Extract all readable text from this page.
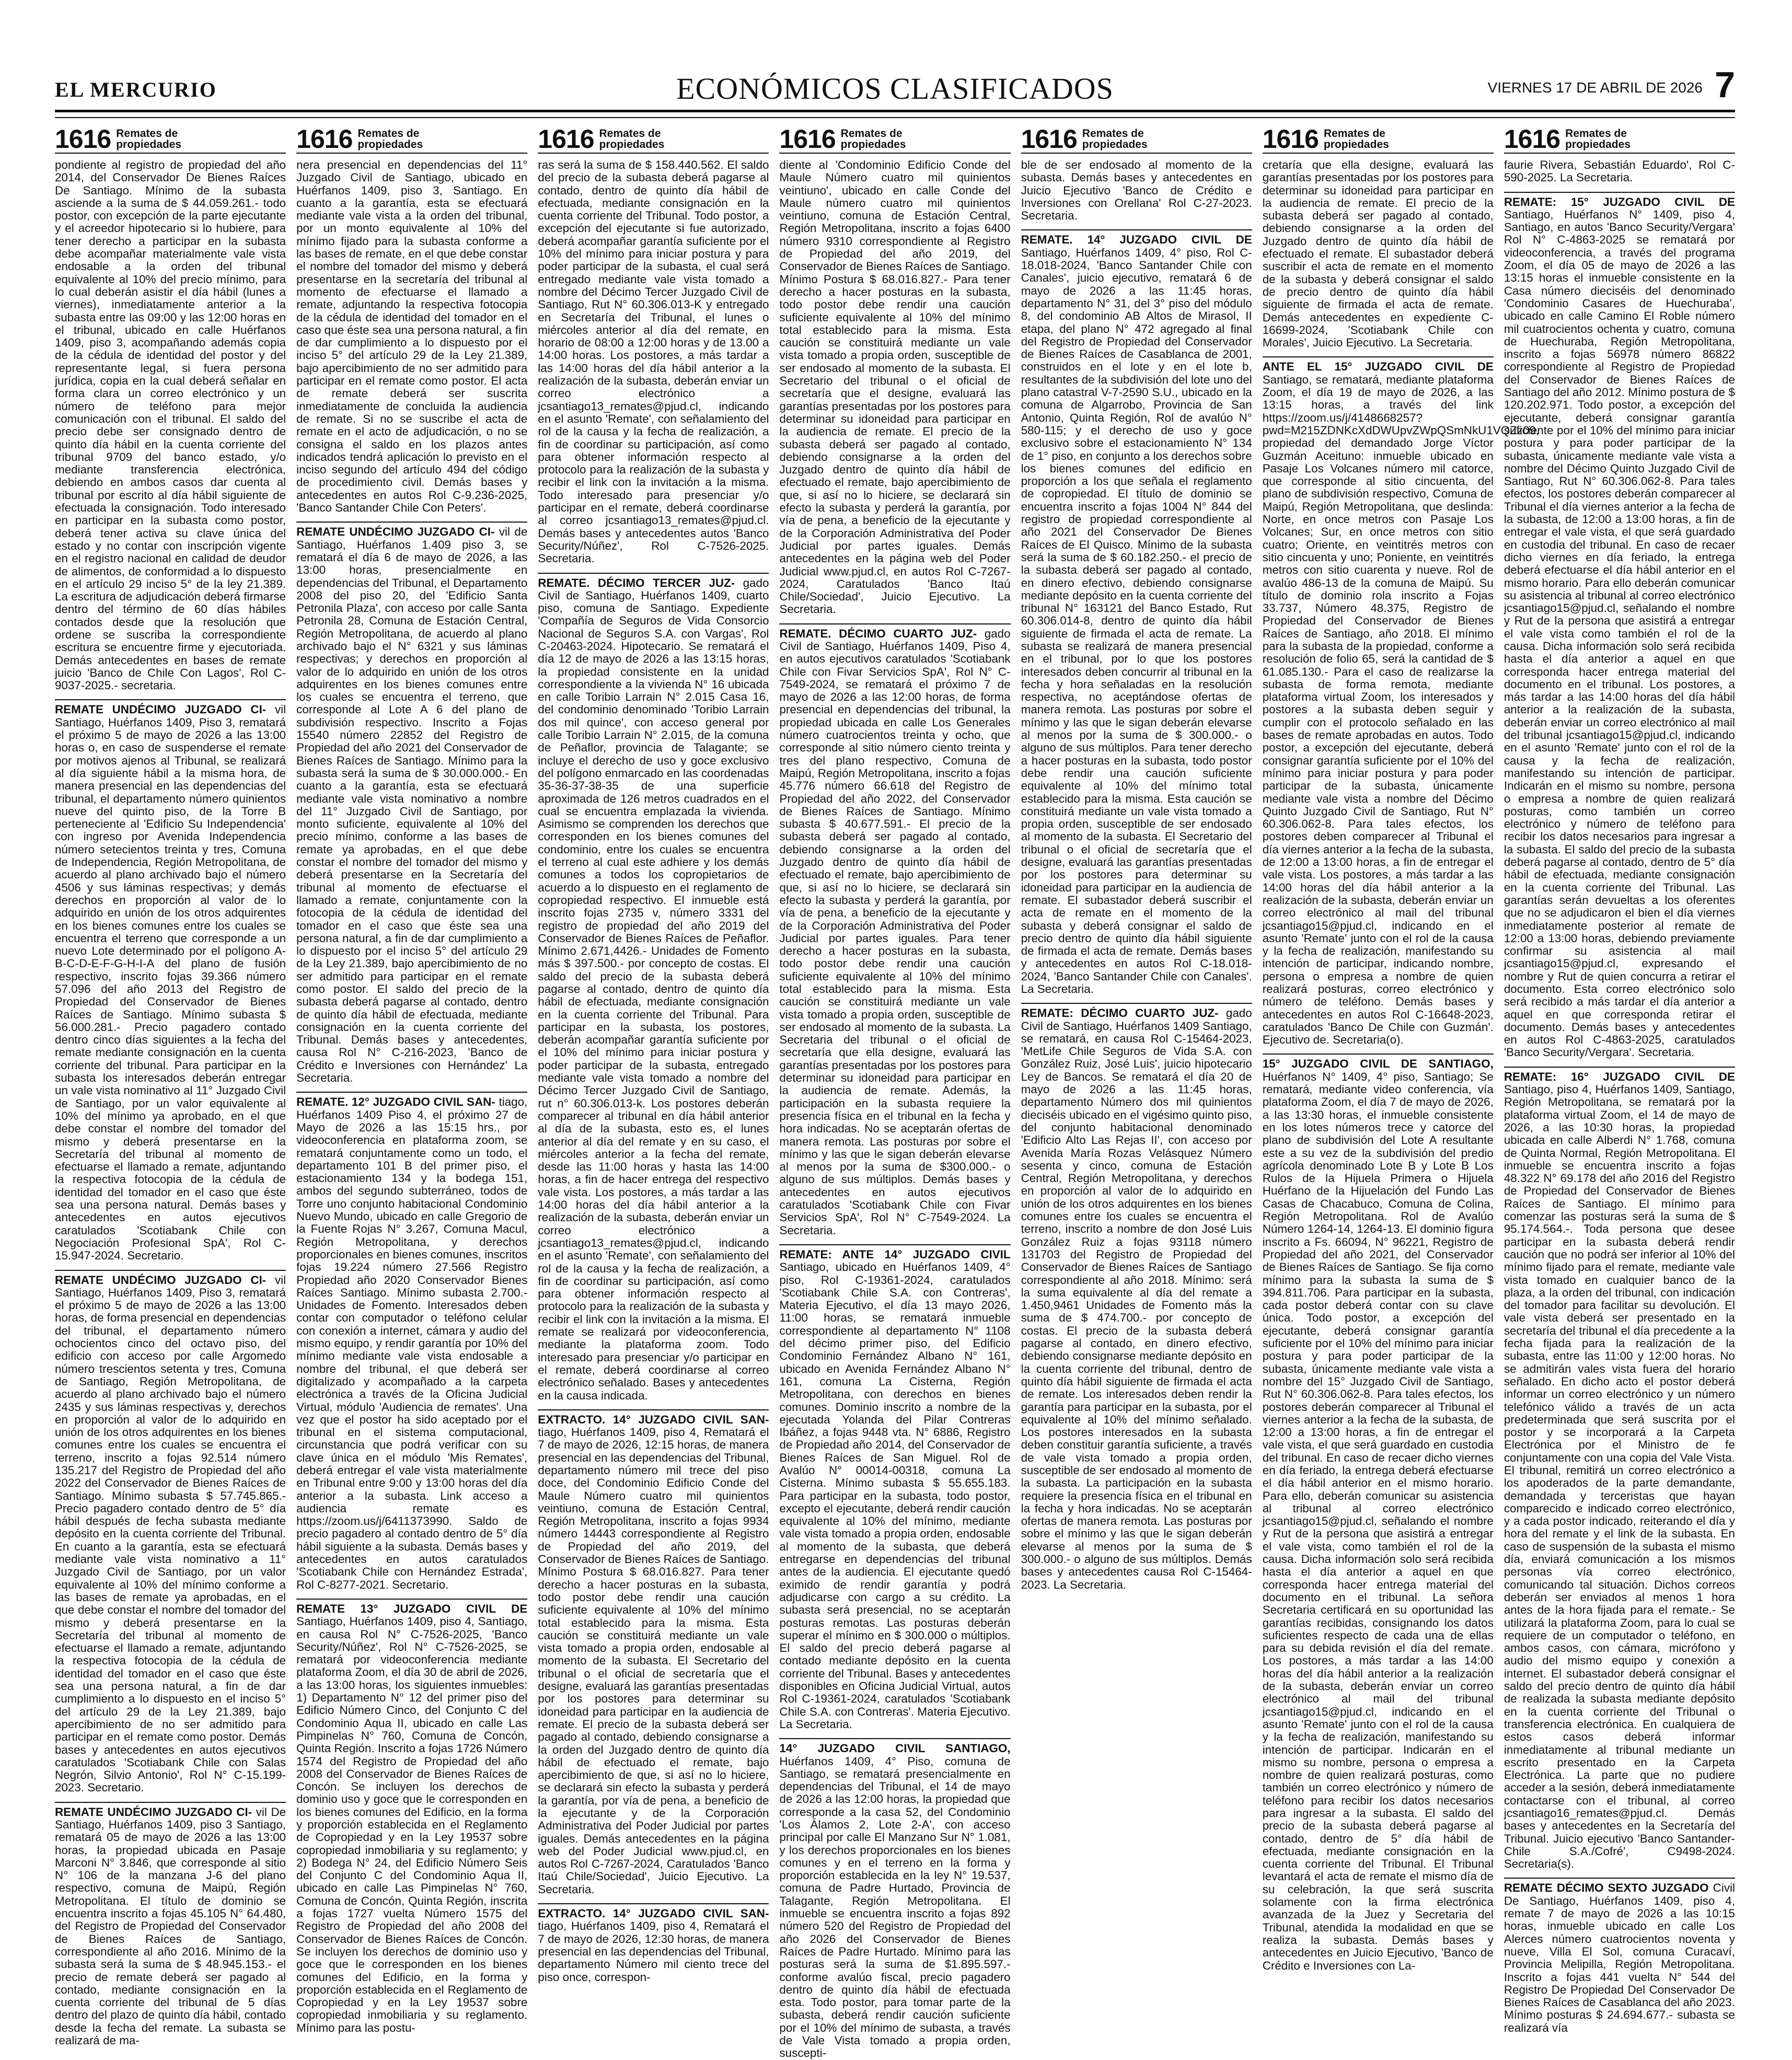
EL MERCURIO	ECONÓMICOS CLASIFICADOS	VIERNES 17 DE ABRIL DE 2026 7
1616 Remates de propiedades

pondiente al registro de propiedad del año 2014, del Conservador De Bienes Raíces De Santiago. Mínimo de la subasta asciende a la suma de $ 44.059.261.- todo postor, con excepción de la parte ejecutante y el acreedor hipotecario si lo hubiere, para tener derecho a participar en la subasta debe acompañar materialmente vale vista endosable a la orden del tribunal equivalente al 10% del precio mínimo, para lo cual deberán asistir el día hábil (lunes a viernes), inmediatamente anterior a la subasta entre las 09:00 y las 12:00 horas en el tribunal, ubicado en calle Huérfanos 1409, piso 3, acompañando además copia de la cédula de identidad del postor y del representante legal, si fuera persona jurídica, copia en la cual deberá señalar en forma clara un correo electrónico y un número de teléfono para mejor comunicación con el tribunal. El saldo del precio debe ser consignado dentro de quinto día hábil en la cuenta corriente del tribunal 9709 del banco estado, y/o mediante transferencia electrónica, debiendo en ambos casos dar cuenta al tribunal por escrito al día hábil siguiente de efectuada la consignación. Todo interesado en participar en la subasta como postor, deberá tener activa su clave única del estado y no contar con inscripción vigente en el registro nacional en calidad de deudor de alimentos, de conformidad a lo dispuesto en el artículo 29 inciso 5° de la ley 21.389. La escritura de adjudicación deberá firmarse dentro del término de 60 días hábiles contados desde que la resolución que ordene se suscriba la correspondiente escritura se encuentre firme y ejecutoriada. Demás antecedentes en bases de remate juicio 'Banco de Chile Con Lagos', Rol C-9037-2025.- secretaria.

REMATE UNDÉCIMO JUZGADO CI- vil Santiago, Huérfanos 1409, Piso 3, rematará el próximo 5 de mayo de 2026 a las 13:00 horas o, en caso de suspenderse el remate por motivos ajenos al Tribunal, se realizará al día siguiente hábil a la misma hora, de manera presencial en las dependencias del tribunal, el departamento número quinientos nueve del quinto piso, de la Torre B perteneciente al 'Edificio Su Independencia' con ingreso por Avenida Independencia número setecientos treinta y tres, Comuna de Independencia, Región Metropolitana, de acuerdo al plano archivado bajo el número 4506 y sus láminas respectivas; y demás derechos en proporción al valor de lo adquirido en unión de los otros adquirentes en los bienes comunes entre los cuales se encuentra el terreno que corresponde a un nuevo Lote determinado por el polígono A-B-C-D-E-F-G-H-I-A del plano de fusión respectivo, inscrito fojas 39.366 número 57.096 del año 2013 del Registro de Propiedad del Conservador de Bienes Raíces de Santiago. Mínimo subasta $ 56.000.281.- Precio pagadero contado dentro cinco días siguientes a la fecha del remate mediante consignación en la cuenta corriente del tribunal. Para participar en la subasta los interesados deberán entregar un vale vista nominativo al 11° Juzgado Civil de Santiago, por un valor equivalente al 10% del mínimo ya aprobado, en el que debe constar el nombre del tomador del mismo y deberá presentarse en la Secretaría del tribunal al momento de efectuarse el llamado a remate, adjuntando la respectiva fotocopia de la cédula de identidad del tomador en el caso que éste sea una persona natural. Demás bases y antecedentes en autos ejecutivos caratulados 'Scotiabank Chile con Negociación Profesional SpA', Rol C-15.947-2024. Secretario.

REMATE UNDÉCIMO JUZGADO CI- vil Santiago, Huérfanos 1409, Piso 3, rematará el próximo 5 de mayo de 2026 a las 13:00 horas, de forma presencial en dependencias del tribunal, el departamento número ochocientos cinco del octavo piso, del edificio con acceso por calle Argomedo número trescientos setenta y tres, Comuna de Santiago, Región Metropolitana, de acuerdo al plano archivado bajo el número 2435 y sus láminas respectivas y, derechos en proporción al valor de lo adquirido en unión de los otros adquirentes en los bienes comunes entre los cuales se encuentra el terreno, inscrito a fojas 92.514 número 135.217 del Registro de Propiedad del año 2022 del Conservador de Bienes Raíces de Santiago. Mínimo subasta $ 57.745.865.- Precio pagadero contado dentro de 5° día hábil después de fecha subasta mediante depósito en la cuenta corriente del Tribunal. En cuanto a la garantía, esta se efectuará mediante vale vista nominativo a 11° Juzgado Civil de Santiago, por un valor equivalente al 10% del mínimo conforme a las bases de remate ya aprobadas, en el que debe constar el nombre del tomador del mismo y deberá presentarse en la Secretaría del tribunal al momento de efectuarse el llamado a remate, adjuntando la respectiva fotocopia de la cédula de identidad del tomador en el caso que éste sea una persona natural, a fin de dar cumplimiento a lo dispuesto en el inciso 5° del artículo 29 de la Ley 21.389, bajo apercibimiento de no ser admitido para participar en el remate como postor. Demás bases y antecedentes en autos ejecutivos caratulados 'Scotiabank Chile con Salas Negrón, Silvio Antonio', Rol N° C-15.199-2023. Secretario.

REMATE UNDÉCIMO JUZGADO CI- vil De Santiago, Huérfanos 1409, piso 3 Santiago, rematará 05 de mayo de 2026 a las 13:00 horas, la propiedad ubicada en Pasaje Marconi N° 3.846, que corresponde al sitio N° 106 de la manzana J-6 del plano respectivo, comuna de Maipú, Región Metropolitana. El título de dominio se encuentra inscrito a fojas 45.105 N° 64.480, del Registro de Propiedad del Conservador de Bienes Raíces de Santiago, correspondiente al año 2016. Mínimo de la subasta será la suma de $ 48.945.153.- el precio de remate deberá ser pagado al contado, mediante consignación en la cuenta corriente del tribunal de 5 días dentro del plazo de quinto día hábil, contado desde la fecha del remate. La subasta se realizará de ma-

1616 Remates de propiedades

nera presencial en dependencias del 11° Juzgado Civil de Santiago, ubicado en Huérfanos 1409, piso 3, Santiago. En cuanto a la garantía, esta se efectuará mediante vale vista a la orden del tribunal, por un monto equivalente al 10% del mínimo fijado para la subasta conforme a las bases de remate, en el que debe constar el nombre del tomador del mismo y deberá presentarse en la secretaría del tribunal al momento de efectuarse el llamado a remate, adjuntando la respectiva fotocopia de la cédula de identidad del tomador en el caso que éste sea una persona natural, a fin de dar cumplimiento a lo dispuesto por el inciso 5° del artículo 29 de la Ley 21.389, bajo apercibimiento de no ser admitido para participar en el remate como postor. El acta de remate deberá ser suscrita inmediatamente de concluida la audiencia de remate. Si no se suscribe el acta de remate en el acto de adjudicación, o no se consigna el saldo en los plazos antes indicados tendrá aplicación lo previsto en el inciso segundo del artículo 494 del código de procedimiento civil. Demás bases y antecedentes en autos Rol C-9.236-2025, 'Banco Santander Chile Con Peters'.

REMATE UNDÉCIMO JUZGADO CI- vil de Santiago, Huérfanos 1.409 piso 3, se rematará el día 6 de mayo de 2026, a las 13:00 horas, presencialmente en dependencias del Tribunal, el Departamento 2008 del piso 20, del 'Edificio Santa Petronila Plaza', con acceso por calle Santa Petronila 28, Comuna de Estación Central, Región Metropolitana, de acuerdo al plano archivado bajo el N° 6321 y sus láminas respectivas; y derechos en proporción al valor de lo adquirido en unión de los otros adquirentes en los bienes comunes entre los cuales se encuentra el terreno, que corresponde al Lote A 6 del plano de subdivisión respectivo. Inscrito a Fojas 15540 número 22852 del Registro de Propiedad del año 2021 del Conservador de Bienes Raíces de Santiago. Mínimo para la subasta será la suma de $ 30.000.000.- En cuanto a la garantía, esta se efectuará mediante vale vista nominativo a nombre del 11° Juzgado Civil de Santiago, por monto suficiente, equivalente al 10% del precio mínimo, conforme a las bases de remate ya aprobadas, en el que debe constar el nombre del tomador del mismo y deberá presentarse en la Secretaría del tribunal al momento de efectuarse el llamado a remate, conjuntamente con la fotocopia de la cédula de identidad del tomador en el caso que éste sea una persona natural, a fin de dar cumplimiento a lo dispuesto por el inciso 5° del artículo 29 de la Ley 21.389, bajo apercibimiento de no ser admitido para participar en el remate como postor. El saldo del precio de la subasta deberá pagarse al contado, dentro de quinto día hábil de efectuada, mediante consignación en la cuenta corriente del Tribunal. Demás bases y antecedentes, causa Rol N° C-216-2023, 'Banco de Crédito e Inversiones con Hernández' La Secretaria.

REMATE. 12° JUZGADO CIVIL SAN- tiago, Huérfanos 1409 Piso 4, el próximo 27 de Mayo de 2026 a las 15:15 hrs., por videoconferencia en plataforma zoom, se rematará conjuntamente como un todo, el departamento 101 B del primer piso, el estacionamiento 134 y la bodega 151, ambos del segundo subterráneo, todos de Torre uno conjunto habitacional Condominio Nuevo Mundo, ubicado en calle Gregorio de la Fuente Rojas N° 3.267, Comuna Macul, Región Metropolitana, y derechos proporcionales en bienes comunes, inscritos fojas 19.224 número 27.566 Registro Propiedad año 2020 Conservador Bienes Raíces Santiago. Mínimo subasta 2.700.- Unidades de Fomento. Interesados deben contar con computador o teléfono celular con conexión a internet, cámara y audio del mismo equipo, y rendir garantía por 10% del mínimo mediante vale vista endosable a nombre del tribunal, el que deberá ser digitalizado y acompañado a la carpeta electrónica a través de la Oficina Judicial Virtual, módulo 'Audiencia de remates'. Una vez que el postor ha sido aceptado por el tribunal en el sistema computacional, circunstancia que podrá verificar con su clave única en el módulo 'Mis Remates', deberá entregar el vale vista materialmente en Tribunal entre 9:00 y 13:00 horas del día anterior a la subasta. Link acceso a audiencia remate es https://zoom.us/j/6411373990. Saldo de precio pagadero al contado dentro de 5° día hábil siguiente a la subasta. Demás bases y antecedentes en autos caratulados 'Scotiabank Chile con Hernández Estrada', Rol C-8277-2021. Secretario.

REMATE 13° JUZGADO CIVIL DE Santiago, Huérfanos 1409, piso 4, Santiago, en causa Rol N° C-7526-2025, 'Banco Security/Núñez', Rol N° C-7526-2025, se rematará por videoconferencia mediante plataforma Zoom, el día 30 de abril de 2026, a las 13:00 horas, los siguientes inmuebles: 1) Departamento N° 12 del primer piso del Edificio Número Cinco, del Conjunto C del Condominio Aqua II, ubicado en calle Las Pimpinelas N° 760, Comuna de Concón, Quinta Región. Inscrito a fojas 1726 Número 1574 del Registro de Propiedad del año 2008 del Conservador de Bienes Raíces de Concón. Se incluyen los derechos de dominio uso y goce que le corresponden en los bienes comunes del Edificio, en la forma y proporción establecida en el Reglamento de Copropiedad y en la Ley 19537 sobre copropiedad inmobiliaria y su reglamento; y 2) Bodega N° 24, del Edificio Número Seis del Conjunto C del Condominio Aqua II, ubicado en calle Las Pimpinelas N° 760, Comuna de Concón, Quinta Región, inscrita a fojas 1727 vuelta Número 1575 del Registro de Propiedad del año 2008 del Conservador de Bienes Raíces de Concón. Se incluyen los derechos de dominio uso y goce que le corresponden en los bienes comunes del Edificio, en la forma y proporción establecida en el Reglamento de Copropiedad y en la Ley 19537 sobre copropiedad inmobiliaria y su reglamento. Mínimo para las postu-

1616 Remates de propiedades

ras será la suma de $ 158.440.562. El saldo del precio de la subasta deberá pagarse al contado, dentro de quinto día hábil de efectuada, mediante consignación en la cuenta corriente del Tribunal. Todo postor, a excepción del ejecutante si fue autorizado, deberá acompañar garantía suficiente por el 10% del mínimo para iniciar postura y para poder participar de la subasta, el cual será entregado mediante vale vista tomado a nombre del Décimo Tercer Juzgado Civil de Santiago, Rut N° 60.306.013-K y entregado en Secretaría del Tribunal, el lunes o miércoles anterior al día del remate, en horario de 08:00 a 12:00 horas y de 13.00 a 14:00 horas. Los postores, a más tardar a las 14:00 horas del día hábil anterior a la realización de la subasta, deberán enviar un correo electrónico a jcsantiago13_remates@pjud.cl, indicando en el asunto 'Remate', con señalamiento del rol de la causa y la fecha de realización, a fin de coordinar su participación, así como para obtener información respecto al protocolo para la realización de la subasta y recibir el link con la invitación a la misma. Todo interesado para presenciar y/o participar en el remate, deberá coordinarse al correo jcsantiago13_remates@pjud.cl. Demás bases y antecedentes autos 'Banco Security/Núñez', Rol C-7526-2025. Secretaria.

REMATE. DÉCIMO TERCER JUZ- gado Civil de Santiago, Huérfanos 1409, cuarto piso, comuna de Santiago. Expediente 'Compañía de Seguros de Vida Consorcio Nacional de Seguros S.A. con Vargas', Rol C-20463-2024. Hipotecario. Se rematará el día 12 de mayo de 2026 a las 13:15 horas, la propiedad consistente en la unidad correspondiente a la vivienda N° 16 ubicada en calle Toribio Larrain N° 2.015 Casa 16, del condominio denominado 'Toribio Larrain dos mil quince', con acceso general por calle Toribio Larrain N° 2.015, de la comuna de Peñaflor, provincia de Talagante; se incluye el derecho de uso y goce exclusivo del polígono enmarcado en las coordenadas 35-36-37-38-35 de una superficie aproximada de 126 metros cuadrados en el cual se encuentra emplazada la vivienda. Asimismo se comprenden los derechos que corresponden en los bienes comunes del condominio, entre los cuales se encuentra el terreno al cual este adhiere y los demás comunes a todos los copropietarios de acuerdo a lo dispuesto en el reglamento de copropiedad respectivo. El inmueble está inscrito fojas 2735 v, número 3331 del registro de propiedad del año 2019 del Conservador de Bienes Raíces de Peñaflor. Mínimo 2.671,4426.- Unidades de Fomento más $ 397.500.- por concepto de costas. El saldo del precio de la subasta deberá pagarse al contado, dentro de quinto día hábil de efectuada, mediante consignación en la cuenta corriente del Tribunal. Para participar en la subasta, los postores, deberán acompañar garantía suficiente por el 10% del mínimo para iniciar postura y poder participar de la subasta, entregado mediante vale vista tomado a nombre del Décimo Tercer Juzgado Civil de Santiago, rut n° 60.306.013-k. Los postores deberán comparecer al tribunal en día hábil anterior al día de la subasta, esto es, el lunes anterior al día del remate y en su caso, el miércoles anterior a la fecha del remate, desde las 11:00 horas y hasta las 14:00 horas, a fin de hacer entrega del respectivo vale vista. Los postores, a más tardar a las 14:00 horas del día hábil anterior a la realización de la subasta, deberán enviar un correo electrónico a jcsantiago13_remates@pjud.cl, indicando en el asunto 'Remate', con señalamiento del rol de la causa y la fecha de realización, a fin de coordinar su participación, así como para obtener información respecto al protocolo para la realización de la subasta y recibir el link con la invitación a la misma. El remate se realizará por videoconferencia, mediante la plataforma zoom. Todo interesado para presenciar y/o participar en el remate, deberá coordinarse al correo electrónico señalado. Bases y antecedentes en la causa indicada.

EXTRACTO. 14° JUZGADO CIVIL SAN- tiago, Huérfanos 1409, piso 4, Rematará el 7 de mayo de 2026, 12:15 horas, de manera presencial en las dependencias del Tribunal, departamento número mil trece del piso doce, del Condominio Edificio Conde del Maule Número cuatro mil quinientos veintiuno, comuna de Estación Central, Región Metropolitana, inscrito a fojas 9934 número 14443 correspondiente al Registro de Propiedad del año 2019, del Conservador de Bienes Raíces de Santiago. Mínimo Postura $ 68.016.827. Para tener derecho a hacer posturas en la subasta, todo postor debe rendir una caución suficiente equivalente al 10% del mínimo total establecido para la misma. Esta caución se constituirá mediante un vale vista tomado a propia orden, endosable al momento de la subasta. El Secretario del tribunal o el oficial de secretaría que el designe, evaluará las garantías presentadas por los postores para determinar su idoneidad para participar en la audiencia de remate. El precio de la subasta deberá ser pagado al contado, debiendo consignarse a la orden del Juzgado dentro de quinto día hábil de efectuado el remate, bajo apercibimiento de que, si así no lo hiciere, se declarará sin efecto la subasta y perderá la garantía, por vía de pena, a beneficio de la ejecutante y de la Corporación Administrativa del Poder Judicial por partes iguales. Demás antecedentes en la página web del Poder Judicial www.pjud.cl, en autos Rol C-7267-2024, Caratulados 'Banco Itaú Chile/Sociedad', Juicio Ejecutivo. La Secretaria.

EXTRACTO. 14° JUZGADO CIVIL SAN- tiago, Huérfanos 1409, piso 4, Rematará el 7 de mayo de 2026, 12:30 horas, de manera presencial en las dependencias del Tribunal, departamento Número mil ciento trece del piso once, correspon-

1616 Remates de propiedades

diente al 'Condominio Edificio Conde del Maule Número cuatro mil quinientos veintiuno', ubicado en calle Conde del Maule número cuatro mil quinientos veintiuno, comuna de Estación Central, Región Metropolitana, inscrito a fojas 6400 número 9310 correspondiente al Registro de Propiedad del año 2019, del Conservador de Bienes Raíces de Santiago. Mínimo Postura $ 68.016.827.- Para tener derecho a hacer posturas en la subasta, todo postor debe rendir una caución suficiente equivalente al 10% del mínimo total establecido para la misma. Esta caución se constituirá mediante un vale vista tomado a propia orden, susceptible de ser endosado al momento de la subasta. El Secretario del tribunal o el oficial de secretaría que el designe, evaluará las garantías presentadas por los postores para determinar su idoneidad para participar en la audiencia de remate. El precio de la subasta deberá ser pagado al contado, debiendo consignarse a la orden del Juzgado dentro de quinto día hábil de efectuado el remate, bajo apercibimiento de que, si así no lo hiciere, se declarará sin efecto la subasta y perderá la garantía, por vía de pena, a beneficio de la ejecutante y de la Corporación Administrativa del Poder Judicial por partes iguales. Demás antecedentes en la página web del Poder Judicial www.pjud.cl, en autos Rol C-7267-2024, Caratulados 'Banco Itaú Chile/Sociedad', Juicio Ejecutivo. La Secretaria.

REMATE. DÉCIMO CUARTO JUZ- gado Civil de Santiago, Huérfanos 1409, Piso 4, en autos ejecutivos caratulados 'Scotiabank Chile con Fivar Servicios SpA', Rol N° C-7549-2024, se rematará el próximo 7 de mayo de 2026 a las 12:00 horas, de forma presencial en dependencias del tribunal, la propiedad ubicada en calle Los Generales número cuatrocientos treinta y ocho, que corresponde al sitio número ciento treinta y tres del plano respectivo, Comuna de Maipú, Región Metropolitana, inscrito a fojas 45.776 número 66.618 del Registro de Propiedad del año 2022, del Conservador de Bienes Raíces de Santiago. Mínimo subasta $ 40.677.591.- El precio de la subasta deberá ser pagado al contado, debiendo consignarse a la orden del Juzgado dentro de quinto día hábil de efectuado el remate, bajo apercibimiento de que, si así no lo hiciere, se declarará sin efecto la subasta y perderá la garantía, por vía de pena, a beneficio de la ejecutante y de la Corporación Administrativa del Poder Judicial por partes iguales. Para tener derecho a hacer posturas en la subasta, todo postor debe rendir una caución suficiente equivalente al 10% del mínimo total establecido para la misma. Esta caución se constituirá mediante un vale vista tomado a propia orden, susceptible de ser endosado al momento de la subasta. La Secretaria del tribunal o el oficial de secretaría que ella designe, evaluará las garantías presentadas por los postores para determinar su idoneidad para participar en la audiencia de remate. Además, la participación en la subasta requiere la presencia física en el tribunal en la fecha y hora indicadas. No se aceptarán ofertas de manera remota. Las posturas por sobre el mínimo y las que le sigan deberán elevarse al menos por la suma de $300.000.- o alguno de sus múltiplos. Demás bases y antecedentes en autos ejecutivos caratulados 'Scotiabank Chile con Fivar Servicios SpA', Rol N° C-7549-2024. La Secretaria.

REMATE: ANTE 14° JUZGADO CIVIL Santiago, ubicado en Huérfanos 1409, 4° piso, Rol C-19361-2024, caratulados 'Scotiabank Chile S.A. con Contreras', Materia Ejecutivo, el día 13 mayo 2026, 11:00 horas, se rematará inmueble correspondiente al departamento N° 1108 del décimo primer piso, del Edificio Condominio Fernández Albano N° 161, ubicado en Avenida Fernández Albano N° 161, comuna La Cisterna, Región Metropolitana, con derechos en bienes comunes. Dominio inscrito a nombre de la ejecutada Yolanda del Pilar Contreras Ibáñez, a fojas 9448 vta. N° 6886, Registro de Propiedad año 2014, del Conservador de Bienes Raíces de San Miguel. Rol de Avalúo N° 00014-00318, comuna La Cisterna. Mínimo subasta $ 55.655.183. Para participar en la subasta, todo postor, excepto el ejecutante, deberá rendir caución equivalente al 10% del mínimo, mediante vale vista tomado a propia orden, endosable al momento de la subasta, que deberá entregarse en dependencias del tribunal antes de la audiencia. El ejecutante quedó eximido de rendir garantía y podrá adjudicarse con cargo a su crédito. La subasta será presencial, no se aceptarán posturas remotas. Las posturas deberán superar el mínimo en $ 300.000 o múltiplos. El saldo del precio deberá pagarse al contado mediante depósito en la cuenta corriente del Tribunal. Bases y antecedentes disponibles en Oficina Judicial Virtual, autos Rol C-19361-2024, caratulados 'Scotiabank Chile S.A. con Contreras'. Materia Ejecutivo. La Secretaria.

14° JUZGADO CIVIL SANTIAGO, Huérfanos 1409, 4° Piso, comuna de Santiago, se rematará presencialmente en dependencias del Tribunal, el 14 de mayo de 2026 a las 12:00 horas, la propiedad que corresponde a la casa 52, del Condominio 'Los Álamos 2, Lote 2-A', con acceso principal por calle El Manzano Sur N° 1.081, y los derechos proporcionales en los bienes comunes y en el terreno en la forma y proporción establecida en la ley N° 19.537, comuna de Padre Hurtado, Provincia de Talagante, Región Metropolitana. El inmueble se encuentra inscrito a fojas 892 número 520 del Registro de Propiedad del año 2026 del Conservador de Bienes Raíces de Padre Hurtado. Mínimo para las posturas será la suma de $1.895.597.- conforme avalúo fiscal, precio pagadero dentro de quinto día hábil de efectuada esta. Todo postor, para tomar parte de la subasta, deberá rendir caución suficiente por el 10% del mínimo de subasta, a través de Vale Vista tomado a propia orden, suscepti-

1616 Remates de propiedades

ble de ser endosado al momento de la subasta. Demás bases y antecedentes en Juicio Ejecutivo 'Banco de Crédito e Inversiones con Orellana' Rol C-27-2023. Secretaria.

REMATE. 14° JUZGADO CIVIL DE Santiago, Huérfanos 1409, 4° piso, Rol C-18.018-2024, 'Banco Santander Chile con Canales', juicio ejecutivo, rematará 6 de mayo de 2026 a las 11:45 horas, departamento N° 31, del 3° piso del módulo 8, del condominio AB Altos de Mirasol, II etapa, del plano N° 472 agregado al final del Registro de Propiedad del Conservador de Bienes Raíces de Casablanca de 2001, construidos en el lote y en el lote b, resultantes de la subdivisión del lote uno del plano catastral V-7-2590 S.U., ubicado en la comuna de Algarrobo, Provincia de San Antonio, Quinta Región, Rol de avalúo N° 580-115; y el derecho de uso y goce exclusivo sobre el estacionamiento N° 134 de 1° piso, en conjunto a los derechos sobre los bienes comunes del edificio en proporción a los que señala el reglamento de copropiedad. El título de dominio se encuentra inscrito a fojas 1004 N° 844 del registro de propiedad correspondiente al año 2021 del Conservador De Bienes Raíces de El Quisco. Mínimo de la subasta será la suma de $ 60.182.250.- el precio de la subasta deberá ser pagado al contado, en dinero efectivo, debiendo consignarse mediante depósito en la cuenta corriente del tribunal N° 163121 del Banco Estado, Rut 60.306.014-8, dentro de quinto día hábil siguiente de firmada el acta de remate. La subasta se realizará de manera presencial en el tribunal, por lo que los postores interesados deben concurrir al tribunal en la fecha y hora señaladas en la resolución respectiva, no aceptándose ofertas de manera remota. Las posturas por sobre el mínimo y las que le sigan deberán elevarse al menos por la suma de $ 300.000.- o alguno de sus múltiplos. Para tener derecho a hacer posturas en la subasta, todo postor debe rendir una caución suficiente equivalente al 10% del mínimo total establecido para la misma. Esta caución se constituirá mediante un vale vista tomado a propia orden, susceptible de ser endosado al momento de la subasta. El Secretario del tribunal o el oficial de secretaría que el designe, evaluará las garantías presentadas por los postores para determinar su idoneidad para participar en la audiencia de remate. El subastador deberá suscribir el acta de remate en el momento de la subasta y deberá consignar el saldo de precio dentro de quinto día hábil siguiente de firmada el acta de remate. Demás bases y antecedentes en autos Rol C-18.018-2024, 'Banco Santander Chile con Canales'. La Secretaria.

REMATE: DÉCIMO CUARTO JUZ- gado Civil de Santiago, Huérfanos 1409 Santiago, se rematará, en causa Rol C-15464-2023, 'MetLife Chile Seguros de Vida S.A. con González Ruiz, José Luis', juicio hipotecario Ley de Bancos. Se rematará el día 20 de mayo de 2026 a las 11:45 horas, departamento Número dos mil quinientos dieciséis ubicado en el vigésimo quinto piso, del conjunto habitacional denominado 'Edificio Alto Las Rejas II', con acceso por Avenida María Rozas Velásquez Número sesenta y cinco, comuna de Estación Central, Región Metropolitana, y derechos en proporción al valor de lo adquirido en unión de los otros adquirentes en los bienes comunes entre los cuales se encuentra el terreno, inscrito a nombre de don José Luis González Ruiz a fojas 93118 número 131703 del Registro de Propiedad del Conservador de Bienes Raíces de Santiago correspondiente al año 2018. Mínimo: será la suma equivalente al día del remate a 1.450,9461 Unidades de Fomento más la suma de $ 474.700.- por concepto de costas. El precio de la subasta deberá pagarse al contado, en dinero efectivo, debiendo consignarse mediante depósito en la cuenta corriente del tribunal, dentro de quinto día hábil siguiente de firmada el acta de remate. Los interesados deben rendir la garantía para participar en la subasta, por el equivalente al 10% del mínimo señalado. Los postores interesados en la subasta deben constituir garantía suficiente, a través de vale vista tomado a propia orden, susceptible de ser endosado al momento de la subasta. La participación en la subasta requiere la presencia física en el tribunal en la fecha y hora indicadas. No se aceptarán ofertas de manera remota. Las posturas por sobre el mínimo y las que le sigan deberán elevarse al menos por la suma de $ 300.000.- o alguno de sus múltiplos. Demás bases y antecedentes causa Rol C-15464-2023. La Secretaria.

1616 Remates de propiedades

cretaría que ella designe, evaluará las garantías presentadas por los postores para determinar su idoneidad para participar en la audiencia de remate. El precio de la subasta deberá ser pagado al contado, debiendo consignarse a la orden del Juzgado dentro de quinto día hábil de efectuado el remate. El subastador deberá suscribir el acta de remate en el momento de la subasta y deberá consignar el saldo de precio dentro de quinto día hábil siguiente de firmada el acta de remate. Demás antecedentes en expediente C-16699-2024, 'Scotiabank Chile con Morales', Juicio Ejecutivo. La Secretaria.

ANTE EL 15° JUZGADO CIVIL DE Santiago, se rematará, mediante plataforma Zoom, el día 19 de mayo de 2026, a las 13:15 horas, a través del link https://zoom.us/j/4148668257?pwd=M215ZDNKcXdDWUpvZWpQSmNkU1VQZz09, propiedad del demandado Jorge Víctor Guzmán Aceituno: inmueble ubicado en Pasaje Los Volcanes número mil catorce, que corresponde al sitio cincuenta, del plano de subdivisión respectivo, Comuna de Maipú, Región Metropolitana, que deslinda: Norte, en once metros con Pasaje Los Volcanes; Sur, en once metros con sitio cuatro; Oriente, en veintitrés metros con sitio cincuenta y uno; Poniente, en veintitrés metros con sitio cuarenta y nueve. Rol de avalúo 486-13 de la comuna de Maipú. Su título de dominio rola inscrito a Fojas 33.737, Número 48.375, Registro de Propiedad del Conservador de Bienes Raíces de Santiago, año 2018. El mínimo para la subasta de la propiedad, conforme a resolución de folio 65, será la cantidad de $ 61.085.130.- Para el caso de realizarse la subasta de forma remota, mediante plataforma virtual Zoom, los interesados y postores a la subasta deben seguir y cumplir con el protocolo señalado en las bases de remate aprobadas en autos. Todo postor, a excepción del ejecutante, deberá consignar garantía suficiente por el 10% del mínimo para iniciar postura y para poder participar de la subasta, únicamente mediante vale vista a nombre del Décimo Quinto Juzgado Civil de Santiago, Rut N° 60.306.062-8. Para tales efectos, los postores deben comparecer al Tribunal el día viernes anterior a la fecha de la subasta, de 12:00 a 13:00 horas, a fin de entregar el vale vista. Los postores, a más tardar a las 14:00 horas del día hábil anterior a la realización de la subasta, deberán enviar un correo electrónico al mail del tribunal jcsantiago15@pjud.cl, indicando en el asunto 'Remate' junto con el rol de la causa y la fecha de realización, manifestando su intención de participar, indicando nombre, persona o empresa a nombre de quien realizará posturas, correo electrónico y número de teléfono. Demás bases y antecedentes en autos Rol C-16648-2023, caratulados 'Banco De Chile con Guzmán'. Ejecutivo de. Secretaria(o).

15° JUZGADO CIVIL DE SANTIAGO, Huérfanos N° 1409, 4° piso, Santiago; Se rematará, mediante video conferencia, vía plataforma Zoom, el día 7 de mayo de 2026, a las 13:30 horas, el inmueble consistente en los lotes números trece y catorce del plano de subdivisión del Lote A resultante este a su vez de la subdivisión del predio agrícola denominado Lote B y Lote B Los Rulos de la Hijuela Primera o Hijuela Huérfano de la Hijuelación del Fundo Las Casas de Chacabuco, Comuna de Colina, Región Metropolitana. Rol de Avalúo Número 1264-14, 1264-13. El dominio figura inscrito a Fs. 66094, N° 96221, Registro de Propiedad del año 2021, del Conservador de Bienes Raíces de Santiago. Se fija como mínimo para la subasta la suma de $ 394.811.706. Para participar en la subasta, cada postor deberá contar con su clave única. Todo postor, a excepción del ejecutante, deberá consignar garantía suficiente por el 10% del mínimo para iniciar postura y para poder participar de la subasta, únicamente mediante vale vista a nombre del 15° Juzgado Civil de Santiago, Rut N° 60.306.062-8. Para tales efectos, los postores deberán comparecer al Tribunal el viernes anterior a la fecha de la subasta, de 12:00 a 13:00 horas, a fin de entregar el vale vista, el que será guardado en custodia del tribunal. En caso de recaer dicho viernes en día feriado, la entrega deberá efectuarse el día hábil anterior en el mismo horario. Para ello, deberán comunicar su asistencia al tribunal al correo electrónico jcsantiago15@pjud.cl, señalando el nombre y Rut de la persona que asistirá a entregar el vale vista, como también el rol de la causa. Dicha información solo será recibida hasta el día anterior a aquel en que corresponda hacer entrega material del documento en el tribunal. La señora Secretaria certificará en su oportunidad las garantías recibidas, consignando los datos suficientes respecto de cada una de ellas para su debida revisión el día del remate. Los postores, a más tardar a las 14:00 horas del día hábil anterior a la realización de la subasta, deberán enviar un correo electrónico al mail del tribunal jcsantiago15@pjud.cl, indicando en el asunto 'Remate' junto con el rol de la causa y la fecha de realización, manifestando su intención de participar. Indicarán en el mismo su nombre, persona o empresa a nombre de quien realizará posturas, como también un correo electrónico y número de teléfono para recibir los datos necesarios para ingresar a la subasta. El saldo del precio de la subasta deberá pagarse al contado, dentro de 5° día hábil de efectuada, mediante consignación en la cuenta corriente del Tribunal. El Tribunal levantará el acta de remate el mismo día de su celebración, la que será suscrita solamente con la firma electrónica avanzada de la Juez y Secretaria del Tribunal, atendida la modalidad en que se realiza la subasta. Demás bases y antecedentes en Juicio Ejecutivo, 'Banco de Crédito e Inversiones con La-

1616 Remates de propiedades

faurie Rivera, Sebastián Eduardo', Rol C-590-2025. La Secretaria.

REMATE: 15° JUZGADO CIVIL DE Santiago, Huérfanos N° 1409, piso 4, Santiago, en autos 'Banco Security/Vergara' Rol N° C-4863-2025 se rematará por videoconferencia, a través del programa Zoom, el día 05 de mayo de 2026 a las 13:15 horas el inmueble consistente en la Casa número dieciséis del denominado 'Condominio Casares de Huechuraba', ubicado en calle Camino El Roble número mil cuatrocientos ochenta y cuatro, comuna de Huechuraba, Región Metropolitana, inscrito a fojas 56978 número 86822 correspondiente al Registro de Propiedad del Conservador de Bienes Raíces de Santiago del año 2012. Mínimo postura de $ 120.202.971. Todo postor, a excepción del ejecutante, deberá consignar garantía suficiente por el 10% del mínimo para iniciar postura y para poder participar de la subasta, únicamente mediante vale vista a nombre del Décimo Quinto Juzgado Civil de Santiago, Rut N° 60.306.062-8. Para tales efectos, los postores deberán comparecer al Tribunal el día viernes anterior a la fecha de la subasta, de 12:00 a 13:00 horas, a fin de entregar el vale vista, el que será guardado en custodia del tribunal. En caso de recaer dicho viernes en día feriado, la entrega deberá efectuarse el día hábil anterior en el mismo horario. Para ello deberán comunicar su asistencia al tribunal al correo electrónico jcsantiago15@pjud.cl, señalando el nombre y Rut de la persona que asistirá a entregar el vale vista como también el rol de la causa. Dicha información solo será recibida hasta el día anterior a aquel en que corresponda hacer entrega material del documento en el tribunal. Los postores, a más tardar a las 14:00 horas del día hábil anterior a la realización de la subasta, deberán enviar un correo electrónico al mail del tribunal jcsantiago15@pjud.cl, indicando en el asunto 'Remate' junto con el rol de la causa y la fecha de realización, manifestando su intención de participar. Indicarán en el mismo su nombre, persona o empresa a nombre de quien realizará posturas, como también un correo electrónico y número de teléfono para recibir los datos necesarios para ingresar a la subasta. El saldo del precio de la subasta deberá pagarse al contado, dentro de 5° día hábil de efectuada, mediante consignación en la cuenta corriente del Tribunal. Las garantías serán devueltas a los oferentes que no se adjudicaron el bien el día viernes inmediatamente posterior al remate de 12:00 a 13:00 horas, debiendo previamente confirmar su asistencia al mail jcsantiago15@pjud.cl, expresando el nombre y Rut de quien concurra a retirar el documento. Esta correo electrónico solo será recibido a más tardar el día anterior a aquel en que corresponda retirar el documento. Demás bases y antecedentes en autos Rol C-4863-2025, caratulados 'Banco Security/Vergara'. Secretaria.

REMATE: 16° JUZGADO CIVIL DE Santiago, piso 4, Huérfanos 1409, Santiago, Región Metropolitana, se rematará por la plataforma virtual Zoom, el 14 de mayo de 2026, a las 10:30 horas, la propiedad ubicada en calle Alberdi N° 1.768, comuna de Quinta Normal, Región Metropolitana. El inmueble se encuentra inscrito a fojas 48.322 N° 69.178 del año 2016 del Registro de Propiedad del Conservador de Bienes Raíces de Santiago. El mínimo para comenzar las posturas será la suma de $ 95.174.564.-. Toda persona que desee participar en la subasta deberá rendir caución que no podrá ser inferior al 10% del mínimo fijado para el remate, mediante vale vista tomado en cualquier banco de la plaza, a la orden del tribunal, con indicación del tomador para facilitar su devolución. El vale vista deberá ser presentado en la secretaría del tribunal el día precedente a la fecha fijada para la realización de la subasta, entre las 11:00 y 12:00 horas. No se admitirán vales vista fuera del horario señalado. En dicho acto el postor deberá informar un correo electrónico y un número telefónico válido a través de un acta predeterminada que será suscrita por el postor y se incorporará a la Carpeta Electrónica por el Ministro de fe conjuntamente con una copia del Vale Vista. El tribunal, remitirá un correo electrónico a los apoderados de la parte demandante, demandada y terceristas que hayan comparecido e indicado correo electrónico, y a cada postor indicado, reiterando el día y hora del remate y el link de la subasta. En caso de suspensión de la subasta el mismo día, enviará comunicación a los mismos personas vía correo electrónico, comunicando tal situación. Dichos correos deberán ser enviados al menos 1 hora antes de la hora fijada para el remate.- Se utilizará la plataforma Zoom, para lo cual se requiere de un computador o teléfono, en ambos casos, con cámara, micrófono y audio del mismo equipo y conexión a internet. El subastador deberá consignar el saldo del precio dentro de quinto día hábil de realizada la subasta mediante depósito en la cuenta corriente del Tribunal o transferencia electrónica. En cualquiera de estos casos deberá informar inmediatamente al tribunal mediante un escrito presentado en la Carpeta Electrónica. La parte que no pudiere acceder a la sesión, deberá inmediatamente contactarse con el tribunal, al correo jcsantiago16_remates@pjud.cl. Demás bases y antecedentes en la Secretaría del Tribunal. Juicio ejecutivo 'Banco Santander- Chile S.A./Cofré', C9498-2024. Secretaria(s).

REMATE DÉCIMO SEXTO JUZGADO Civil De Santiago, Huérfanos 1409, piso 4, remate 7 de mayo de 2026 a las 10:15 horas, inmueble ubicado en calle Los Alerces número cuatrocientos noventa y nueve, Villa El Sol, comuna Curacaví, Provincia Melipilla, Región Metropolitana. Inscrito a fojas 441 vuelta N° 544 del Registro De Propiedad Del Conservador De Bienes Raíces de Casablanca del año 2023. Mínimo posturas $ 24.694.677.- subasta se realizará vía
